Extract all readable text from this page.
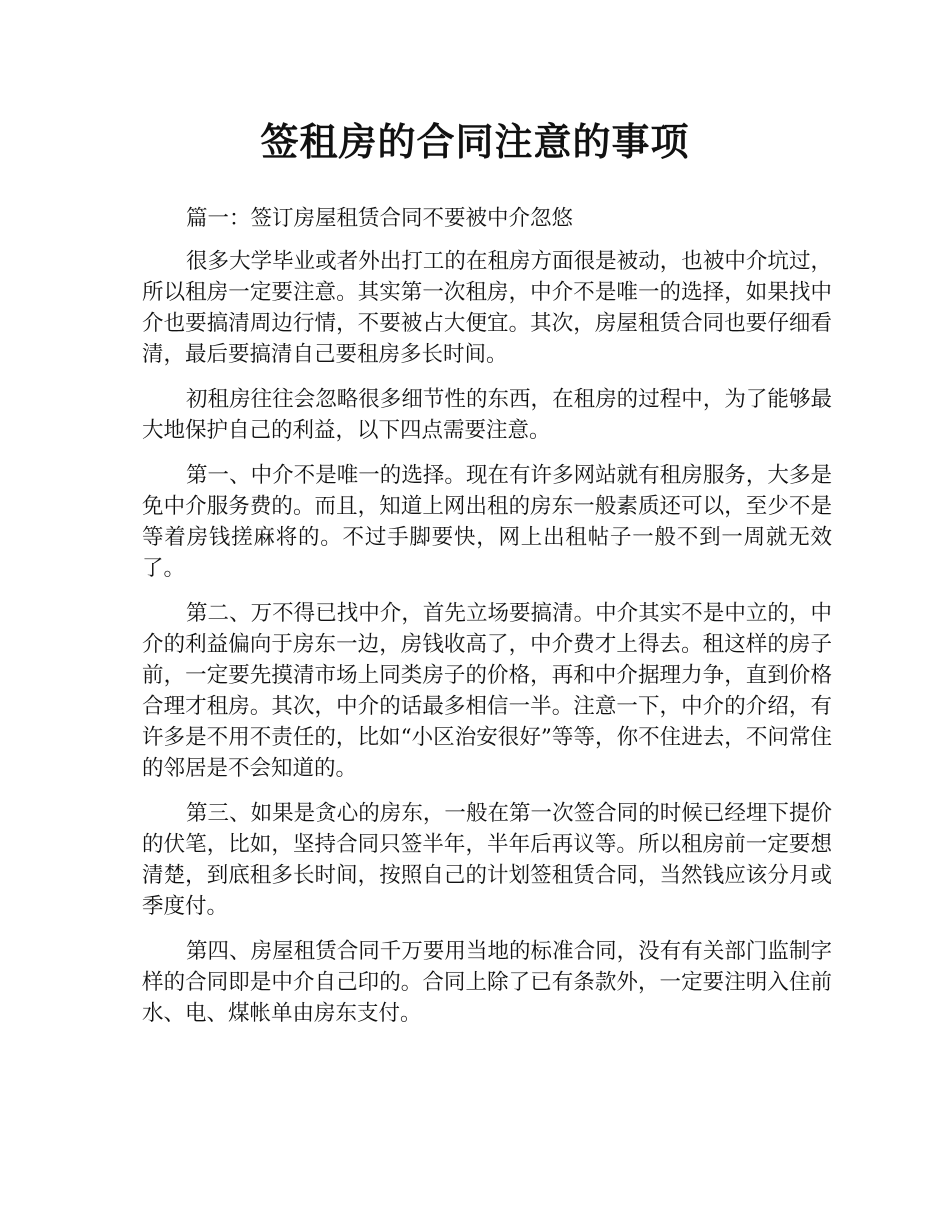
签租房的合同注意的事项

篇一：签订房屋租赁合同不要被中介忽悠

很多大学毕业或者外出打工的在租房方面很是被动，也被中介坑过，所以租房一定要注意。其实第一次租房，中介不是唯一的选择，如果找中介也要搞清周边行情，不要被占大便宜。其次，房屋租赁合同也要仔细看清，最后要搞清自己要租房多长时间。

初租房往往会忽略很多细节性的东西，在租房的过程中，为了能够最大地保护自己的利益，以下四点需要注意。

第一、中介不是唯一的选择。现在有许多网站就有租房服务，大多是免中介服务费的。而且，知道上网出租的房东一般素质还可以，至少不是等着房钱搓麻将的。不过手脚要快，网上出租帖子一般不到一周就无效了。

第二、万不得已找中介，首先立场要搞清。中介其实不是中立的，中介的利益偏向于房东一边，房钱收高了，中介费才上得去。租这样的房子前，一定要先摸清市场上同类房子的价格，再和中介据理力争，直到价格合理才租房。其次，中介的话最多相信一半。注意一下，中介的介绍，有许多是不用不责任的，比如“小区治安很好”等等，你不住进去，不问常住的邻居是不会知道的。

第三、如果是贪心的房东，一般在第一次签合同的时候已经埋下提价的伏笔，比如，坚持合同只签半年，半年后再议等。所以租房前一定要想清楚，到底租多长时间，按照自己的计划签租赁合同，当然钱应该分月或季度付。

第四、房屋租赁合同千万要用当地的标准合同，没有有关部门监制字样的合同即是中介自己印的。合同上除了已有条款外，一定要注明入住前水、电、煤帐单由房东支付。
